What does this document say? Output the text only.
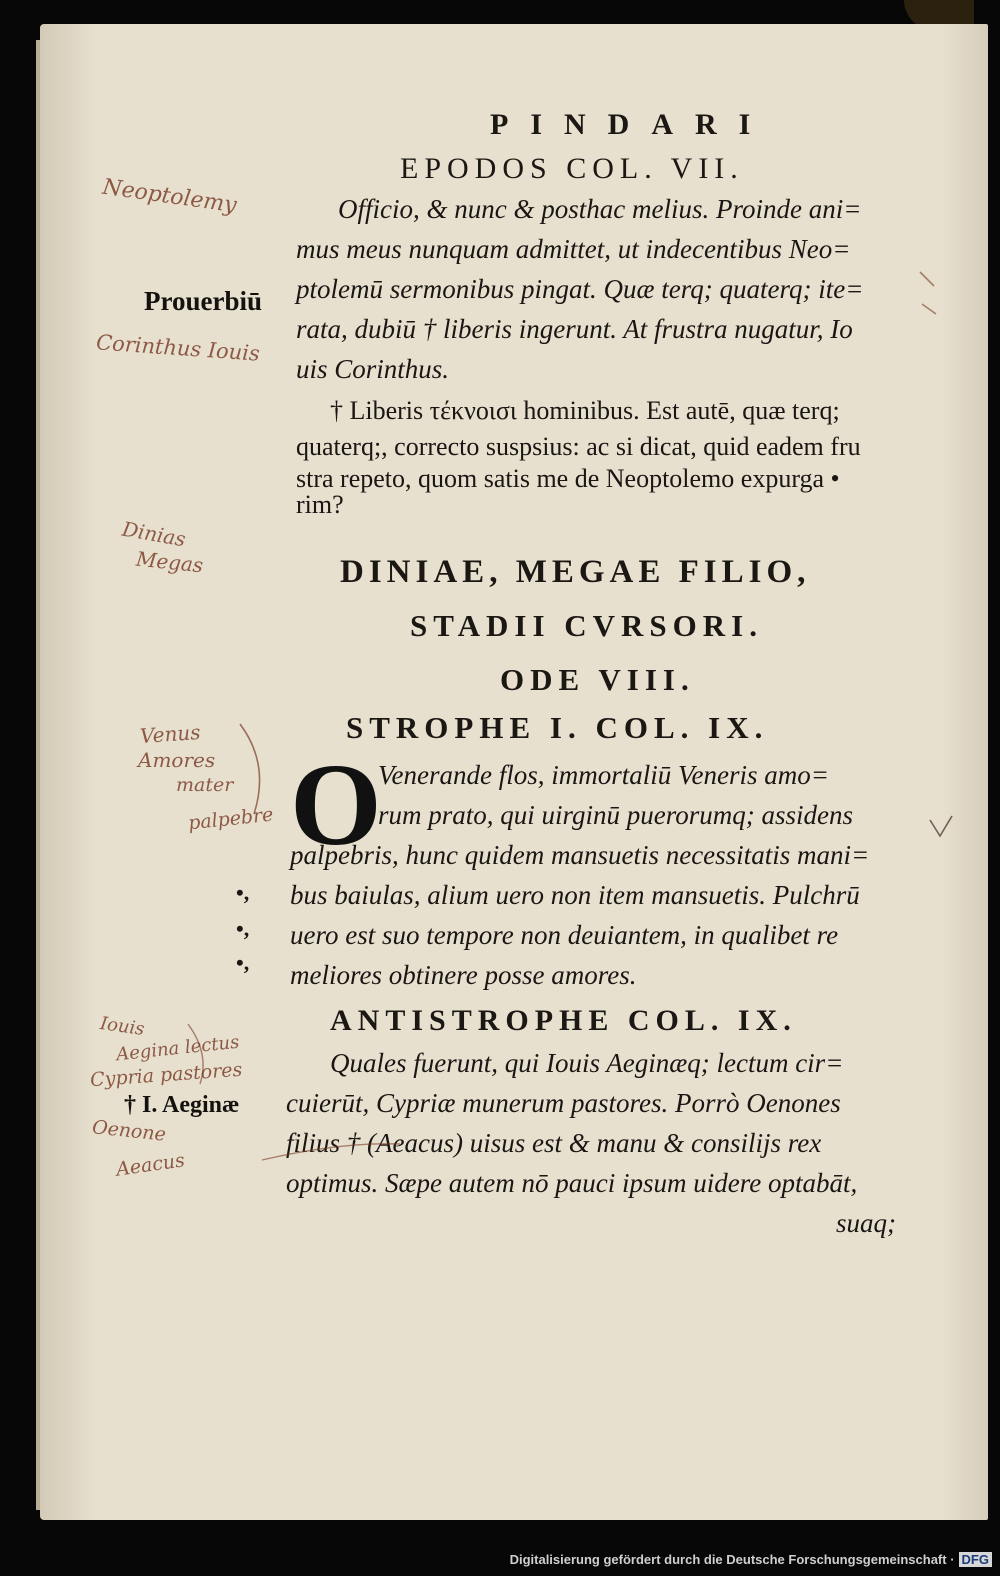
PINDARI
EPODOS COL. VII.
Officio, & nunc & posthac melius. Proinde ani=
mus meus nunquam admittet, ut indecentibus Neo=
ptolemū sermonibus pingat. Quæ terq; quaterq; ite=
rata, dubiū † liberis ingerunt. At frustra nugatur, Io
uis Corinthus.
† Liberis τέκνοισι hominibus. Est autē, quæ terq;
quaterq;, correcto suspsius: ac si dicat, quid eadem fru
stra repeto, quom satis me de Neoptolemo expurga •
rim?
DINIAE, MEGAE FILIO,
STADII CVRSORI.
ODE VIII.
STROPHE I. COL. IX.
O
Venerande flos, immortaliū Veneris amo=
rum prato, qui uirginū puerorumq; assidens
palpebris, hunc quidem mansuetis necessitatis mani=
bus baiulas, alium uero non item mansuetis. Pulchrū
uero est suo tempore non deuiantem, in qualibet re
meliores obtinere posse amores.
ANTISTROPHE COL. IX.
Quales fuerunt, qui Iouis Aeginæq; lectum cir=
cuierūt, Cypriæ munerum pastores. Porrò Oenones
filius † (Aeacus) uisus est & manu & consilijs rex
optimus. Sæpe autem nō pauci ipsum uidere optabāt,
suaq;
Prouerbiū
† I. Aeginæ
Neoptolemy
Corinthus Iouis
Dinias
Megas
Venus
Amores
mater
palpebre
Iouis
Aegina lectus
Cypria pastores
Oenone
Aeacus
•,
•,
•,
Digitalisierung gefördert durch die Deutsche Forschungsgemeinschaft · DFG
